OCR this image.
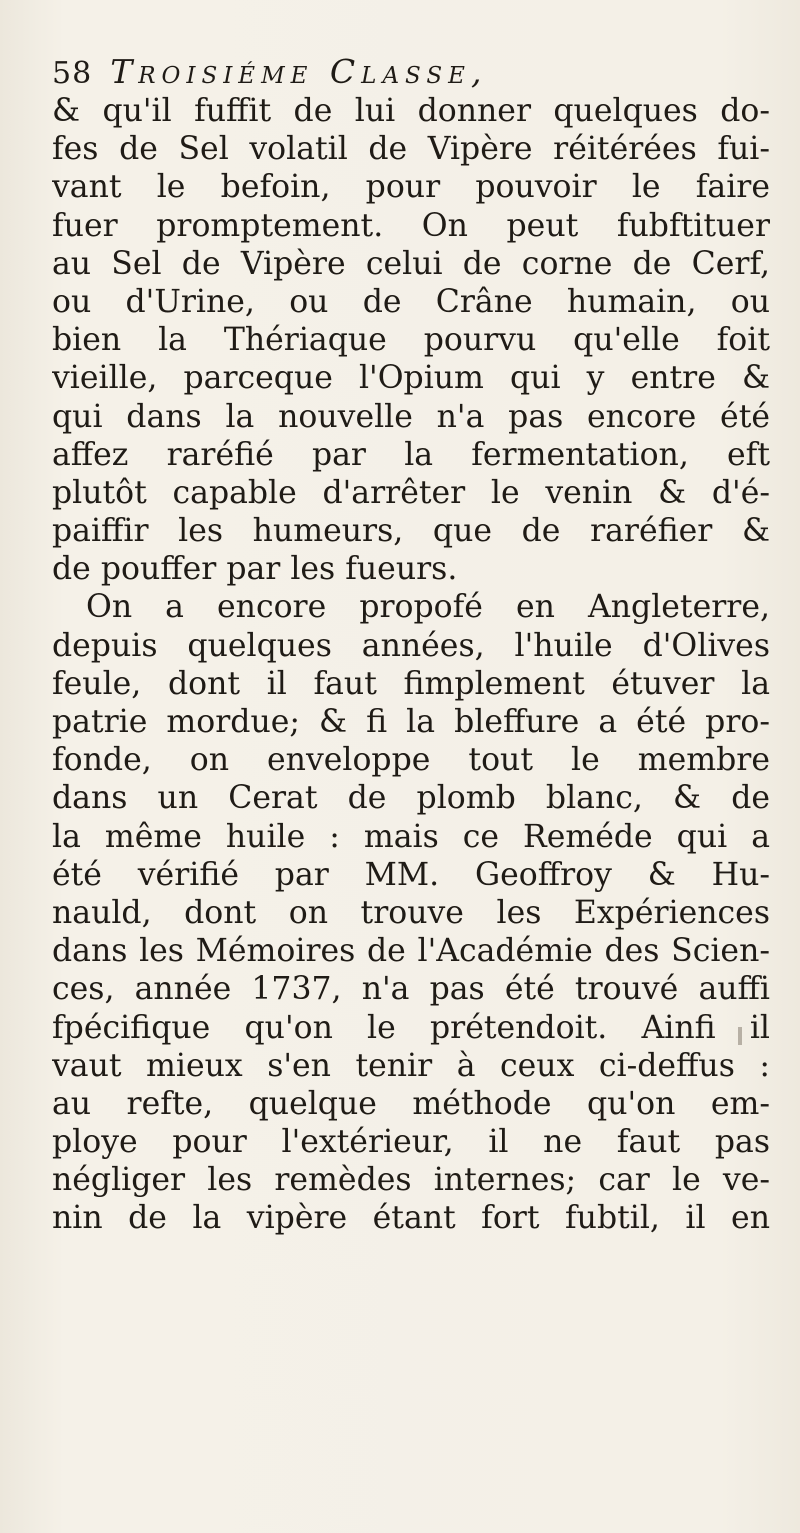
58 Troisiéme Classe,
& qu'il fuffit de lui donner quelques do-
fes de Sel volatil de Vipère réitérées fui-
vant le befoin, pour pouvoir le faire
fuer promptement. On peut fubftituer
au Sel de Vipère celui de corne de Cerf,
ou d'Urine, ou de Crâne humain, ou
bien la Thériaque pourvu qu'elle foit
vieille, parceque l'Opium qui y entre &
qui dans la nouvelle n'a pas encore été
affez raréfié par la fermentation, eft
plutôt capable d'arrêter le venin & d'é-
paiffir les humeurs, que de raréfier &
de pouffer par les fueurs.
On a encore propofé en Angleterre,
depuis quelques années, l'huile d'Olives
feule, dont il faut fimplement étuver la
patrie mordue; & fi la bleffure a été pro-
fonde, on enveloppe tout le membre
dans un Cerat de plomb blanc, & de
la même huile : mais ce Reméde qui a
été vérifié par MM. Geoffroy & Hu-
nauld, dont on trouve les Expériences
dans les Mémoires de l'Académie des Scien-
ces, année 1737, n'a pas été trouvé auffi
fpécifique qu'on le prétendoit. Ainfi il
vaut mieux s'en tenir à ceux ci-deffus :
au refte, quelque méthode qu'on em-
ploye pour l'extérieur, il ne faut pas
négliger les remèdes internes; car le ve-
nin de la vipère étant fort fubtil, il en
